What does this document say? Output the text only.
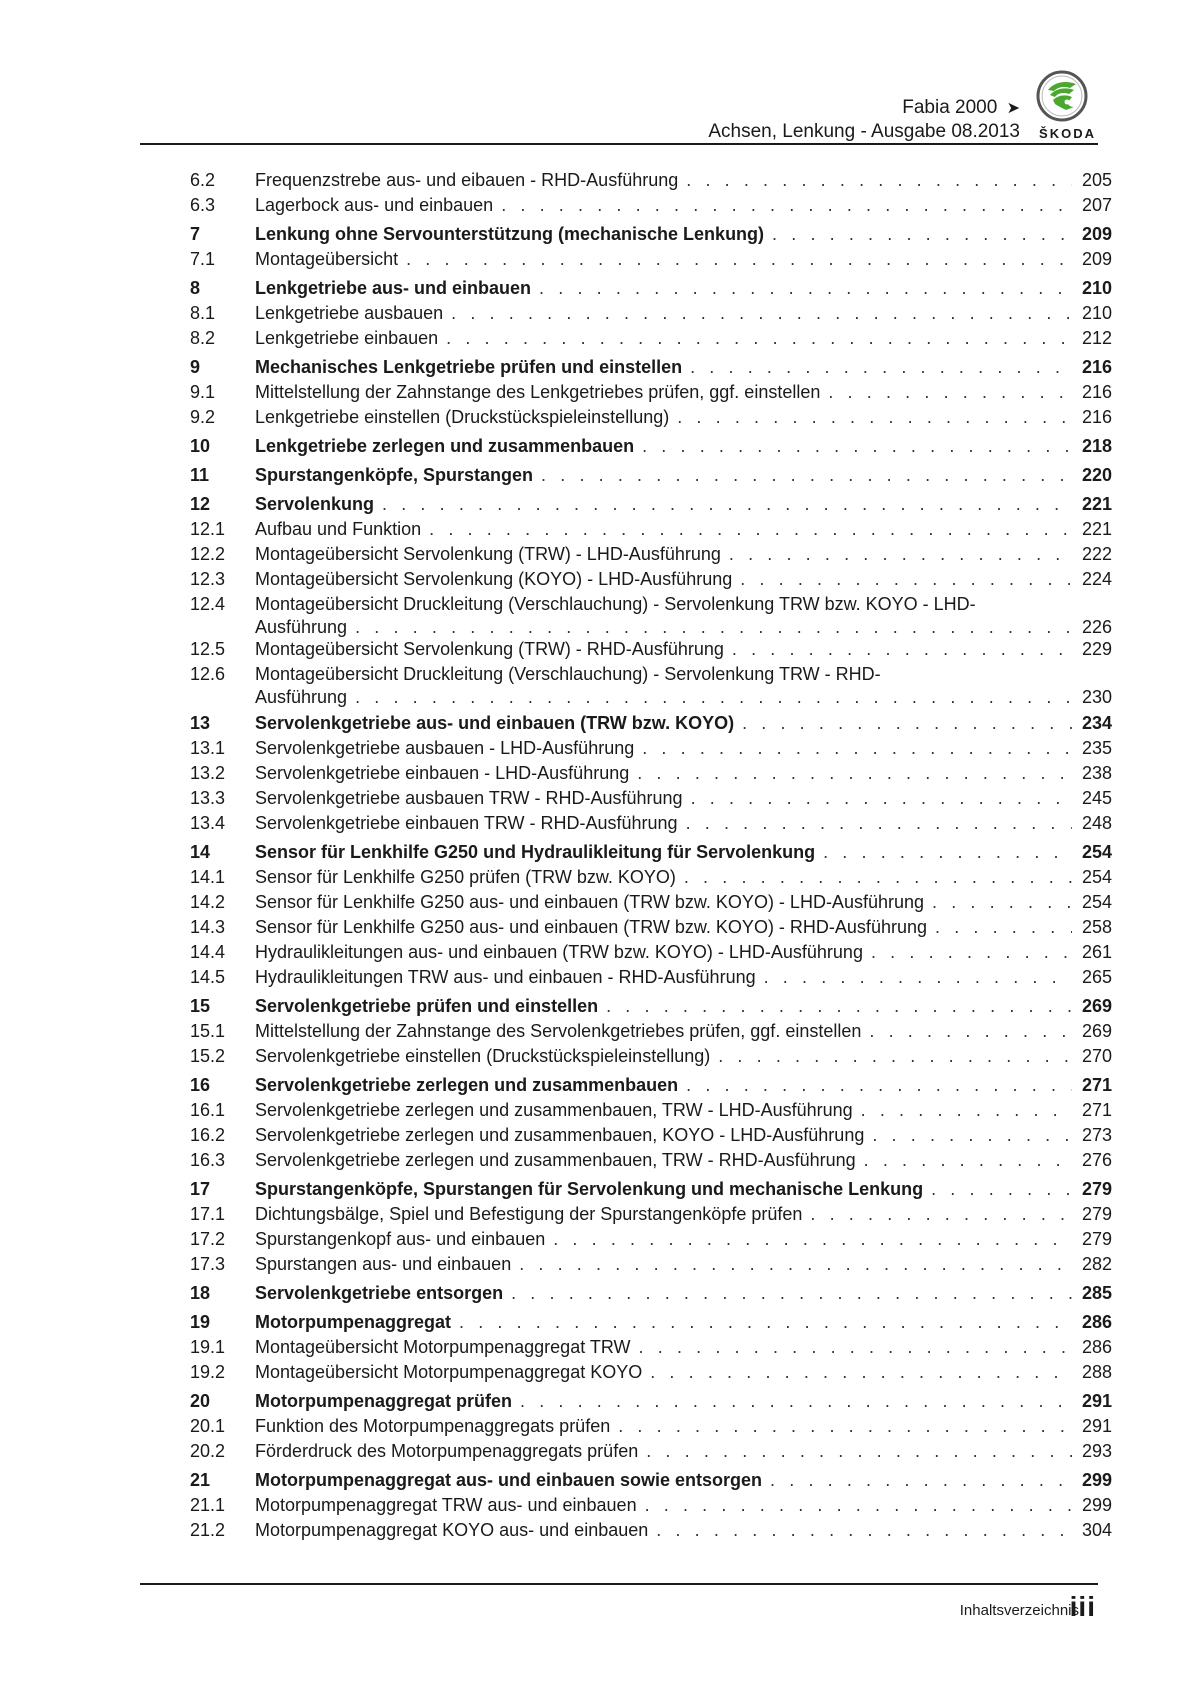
Fabia 2000 ➤
Achsen, Lenkung - Ausgabe 08.2013 ŠKODA
6.2	Frequenzstrebe aus- und eibauen - RHD-Ausführung . . .	205
6.3	Lagerbock aus- und einbauen . . .	207
7	Lenkung ohne Servounterstützung (mechanische Lenkung) . . .	209
7.1	Montageübersicht . . .	209
8	Lenkgetriebe aus- und einbauen . . .	210
8.1	Lenkgetriebe ausbauen . . .	210
8.2	Lenkgetriebe einbauen . . .	212
9	Mechanisches Lenkgetriebe prüfen und einstellen . . .	216
9.1	Mittelstellung der Zahnstange des Lenkgetriebes prüfen, ggf. einstellen . . .	216
9.2	Lenkgetriebe einstellen (Druckstückspieleinstellung) . . .	216
10	Lenkgetriebe zerlegen und zusammenbauen . . .	218
11	Spurstangenköpfe, Spurstangen . . .	220
12	Servolenkung . . .	221
12.1	Aufbau und Funktion . . .	221
12.2	Montageübersicht Servolenkung (TRW) - LHD-Ausführung . . .	222
12.3	Montageübersicht Servolenkung (KOYO) - LHD-Ausführung . . .	224
12.4	Montageübersicht Druckleitung (Verschlauchung) - Servolenkung TRW bzw. KOYO - LHD-
Ausführung . . .	226
12.5	Montageübersicht Servolenkung (TRW) - RHD-Ausführung . . .	229
12.6	Montageübersicht Druckleitung (Verschlauchung) - Servolenkung TRW - RHD-
Ausführung . . .	230
13	Servolenkgetriebe aus- und einbauen (TRW bzw. KOYO) . . .	234
13.1	Servolenkgetriebe ausbauen - LHD-Ausführung . . .	235
13.2	Servolenkgetriebe einbauen - LHD-Ausführung . . .	238
13.3	Servolenkgetriebe ausbauen TRW - RHD-Ausführung . . .	245
13.4	Servolenkgetriebe einbauen TRW - RHD-Ausführung . . .	248
14	Sensor für Lenkhilfe G250 und Hydraulikleitung für Servolenkung . . .	254
14.1	Sensor für Lenkhilfe G250 prüfen (TRW bzw. KOYO) . . .	254
14.2	Sensor für Lenkhilfe G250 aus- und einbauen (TRW bzw. KOYO) - LHD-Ausführung . . .	254
14.3	Sensor für Lenkhilfe G250 aus- und einbauen (TRW bzw. KOYO) - RHD-Ausführung . . .	258
14.4	Hydraulikleitungen aus- und einbauen (TRW bzw. KOYO) - LHD-Ausführung . . .	261
14.5	Hydraulikleitungen TRW aus- und einbauen - RHD-Ausführung . . .	265
15	Servolenkgetriebe prüfen und einstellen . . .	269
15.1	Mittelstellung der Zahnstange des Servolenkgetriebes prüfen, ggf. einstellen . . .	269
15.2	Servolenkgetriebe einstellen (Druckstückspieleinstellung) . . .	270
16	Servolenkgetriebe zerlegen und zusammenbauen . . .	271
16.1	Servolenkgetriebe zerlegen und zusammenbauen, TRW - LHD-Ausführung . . .	271
16.2	Servolenkgetriebe zerlegen und zusammenbauen, KOYO - LHD-Ausführung . . .	273
16.3	Servolenkgetriebe zerlegen und zusammenbauen, TRW - RHD-Ausführung . . .	276
17	Spurstangenköpfe, Spurstangen für Servolenkung und mechanische Lenkung . . .	279
17.1	Dichtungsbälge, Spiel und Befestigung der Spurstangenköpfe prüfen . . .	279
17.2	Spurstangenkopf aus- und einbauen . . .	279
17.3	Spurstangen aus- und einbauen . . .	282
18	Servolenkgetriebe entsorgen . . .	285
19	Motorpumpenaggregat . . .	286
19.1	Montageübersicht Motorpumpenaggregat TRW . . .	286
19.2	Montageübersicht Motorpumpenaggregat KOYO . . .	288
20	Motorpumpenaggregat prüfen . . .	291
20.1	Funktion des Motorpumpenaggregats prüfen . . .	291
20.2	Förderdruck des Motorpumpenaggregats prüfen . . .	293
21	Motorpumpenaggregat aus- und einbauen sowie entsorgen . . .	299
21.1	Motorpumpenaggregat TRW aus- und einbauen . . .	299
21.2	Motorpumpenaggregat KOYO aus- und einbauen . . .	304
Inhaltsverzeichnis
iii
